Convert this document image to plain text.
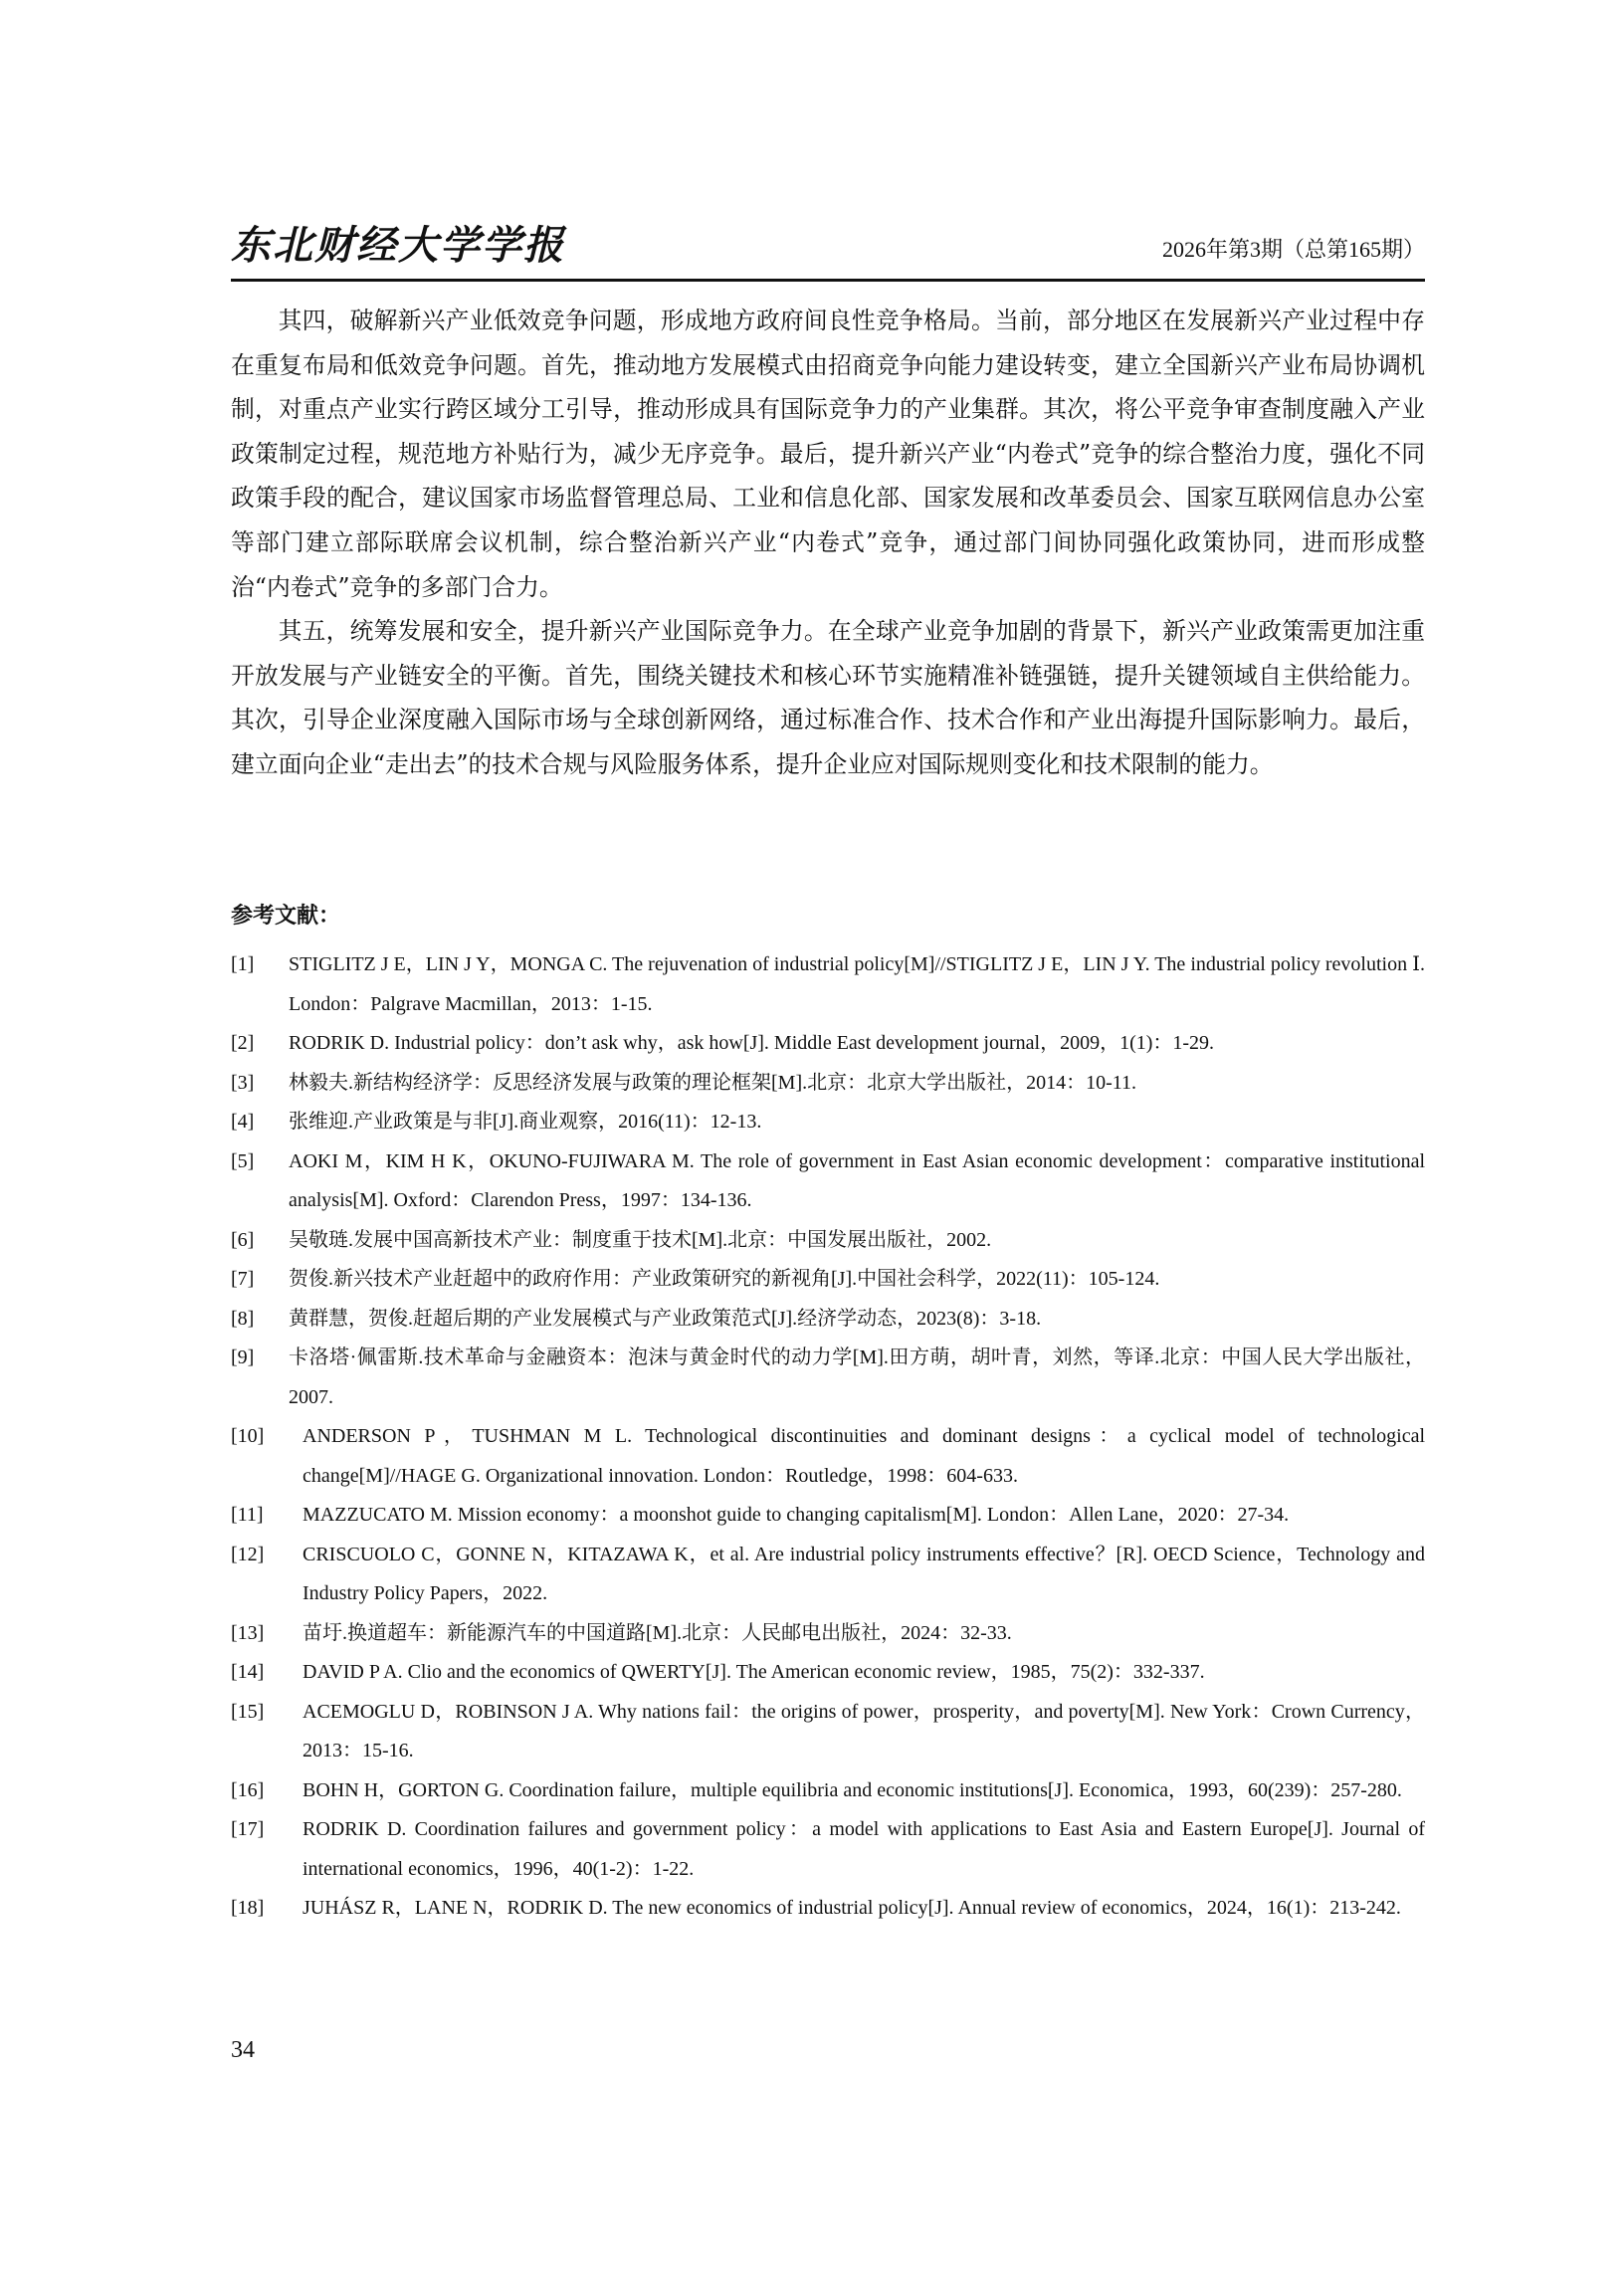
东北财经大学学报	2026年第3期（总第165期）

其四，破解新兴产业低效竞争问题，形成地方政府间良性竞争格局。当前，部分地区在发展新兴产业过程中存在重复布局和低效竞争问题。首先，推动地方发展模式由招商竞争向能力建设转变，建立全国新兴产业布局协调机制，对重点产业实行跨区域分工引导，推动形成具有国际竞争力的产业集群。其次，将公平竞争审查制度融入产业政策制定过程，规范地方补贴行为，减少无序竞争。最后，提升新兴产业“内卷式”竞争的综合整治力度，强化不同政策手段的配合，建议国家市场监督管理总局、工业和信息化部、国家发展和改革委员会、国家互联网信息办公室等部门建立部际联席会议机制，综合整治新兴产业“内卷式”竞争，通过部门间协同强化政策协同，进而形成整治“内卷式”竞争的多部门合力。

其五，统筹发展和安全，提升新兴产业国际竞争力。在全球产业竞争加剧的背景下，新兴产业政策需更加注重开放发展与产业链安全的平衡。首先，围绕关键技术和核心环节实施精准补链强链，提升关键领域自主供给能力。其次，引导企业深度融入国际市场与全球创新网络，通过标准合作、技术合作和产业出海提升国际影响力。最后，建立面向企业“走出去”的技术合规与风险服务体系，提升企业应对国际规则变化和技术限制的能力。

参考文献：
[1]	STIGLITZ J E，LIN J Y，MONGA C. The rejuvenation of industrial policy[M]//STIGLITZ J E，LIN J Y. The industrial policy revolution Ⅰ. London：Palgrave Macmillan，2013：1-15.
[2]	RODRIK D. Industrial policy：don’t ask why，ask how[J]. Middle East development journal，2009，1(1)：1-29.
[3]	林毅夫.新结构经济学：反思经济发展与政策的理论框架[M].北京：北京大学出版社，2014：10-11.
[4]	张维迎.产业政策是与非[J].商业观察，2016(11)：12-13.
[5]	AOKI M，KIM H K，OKUNO-FUJIWARA M. The role of government in East Asian economic development：comparative institutional analysis[M]. Oxford：Clarendon Press，1997：134-136.
[6]	吴敬琏.发展中国高新技术产业：制度重于技术[M].北京：中国发展出版社，2002.
[7]	贺俊.新兴技术产业赶超中的政府作用：产业政策研究的新视角[J].中国社会科学，2022(11)：105-124.
[8]	黄群慧，贺俊.赶超后期的产业发展模式与产业政策范式[J].经济学动态，2023(8)：3-18.
[9]	卡洛塔·佩雷斯.技术革命与金融资本：泡沫与黄金时代的动力学[M].田方萌，胡叶青，刘然，等译.北京：中国人民大学出版社，2007.
[10]	ANDERSON P，TUSHMAN M L. Technological discontinuities and dominant designs：a cyclical model of technological change[M]//HAGE G. Organizational innovation. London：Routledge，1998：604-633.
[11]	MAZZUCATO M. Mission economy：a moonshot guide to changing capitalism[M]. London：Allen Lane，2020：27-34.
[12]	CRISCUOLO C，GONNE N，KITAZAWA K，et al. Are industrial policy instruments effective？[R]. OECD Science，Technology and Industry Policy Papers，2022.
[13]	苗圩.换道超车：新能源汽车的中国道路[M].北京：人民邮电出版社，2024：32-33.
[14]	DAVID P A. Clio and the economics of QWERTY[J]. The American economic review，1985，75(2)：332-337.
[15]	ACEMOGLU D，ROBINSON J A. Why nations fail：the origins of power，prosperity，and poverty[M]. New York：Crown Currency，2013：15-16.
[16]	BOHN H，GORTON G. Coordination failure，multiple equilibria and economic institutions[J]. Economica，1993，60(239)：257-280.
[17]	RODRIK D. Coordination failures and government policy：a model with applications to East Asia and Eastern Europe[J]. Journal of international economics，1996，40(1-2)：1-22.
[18]	JUHÁSZ R，LANE N，RODRIK D. The new economics of industrial policy[J]. Annual review of economics，2024，16(1)：213-242.
34
